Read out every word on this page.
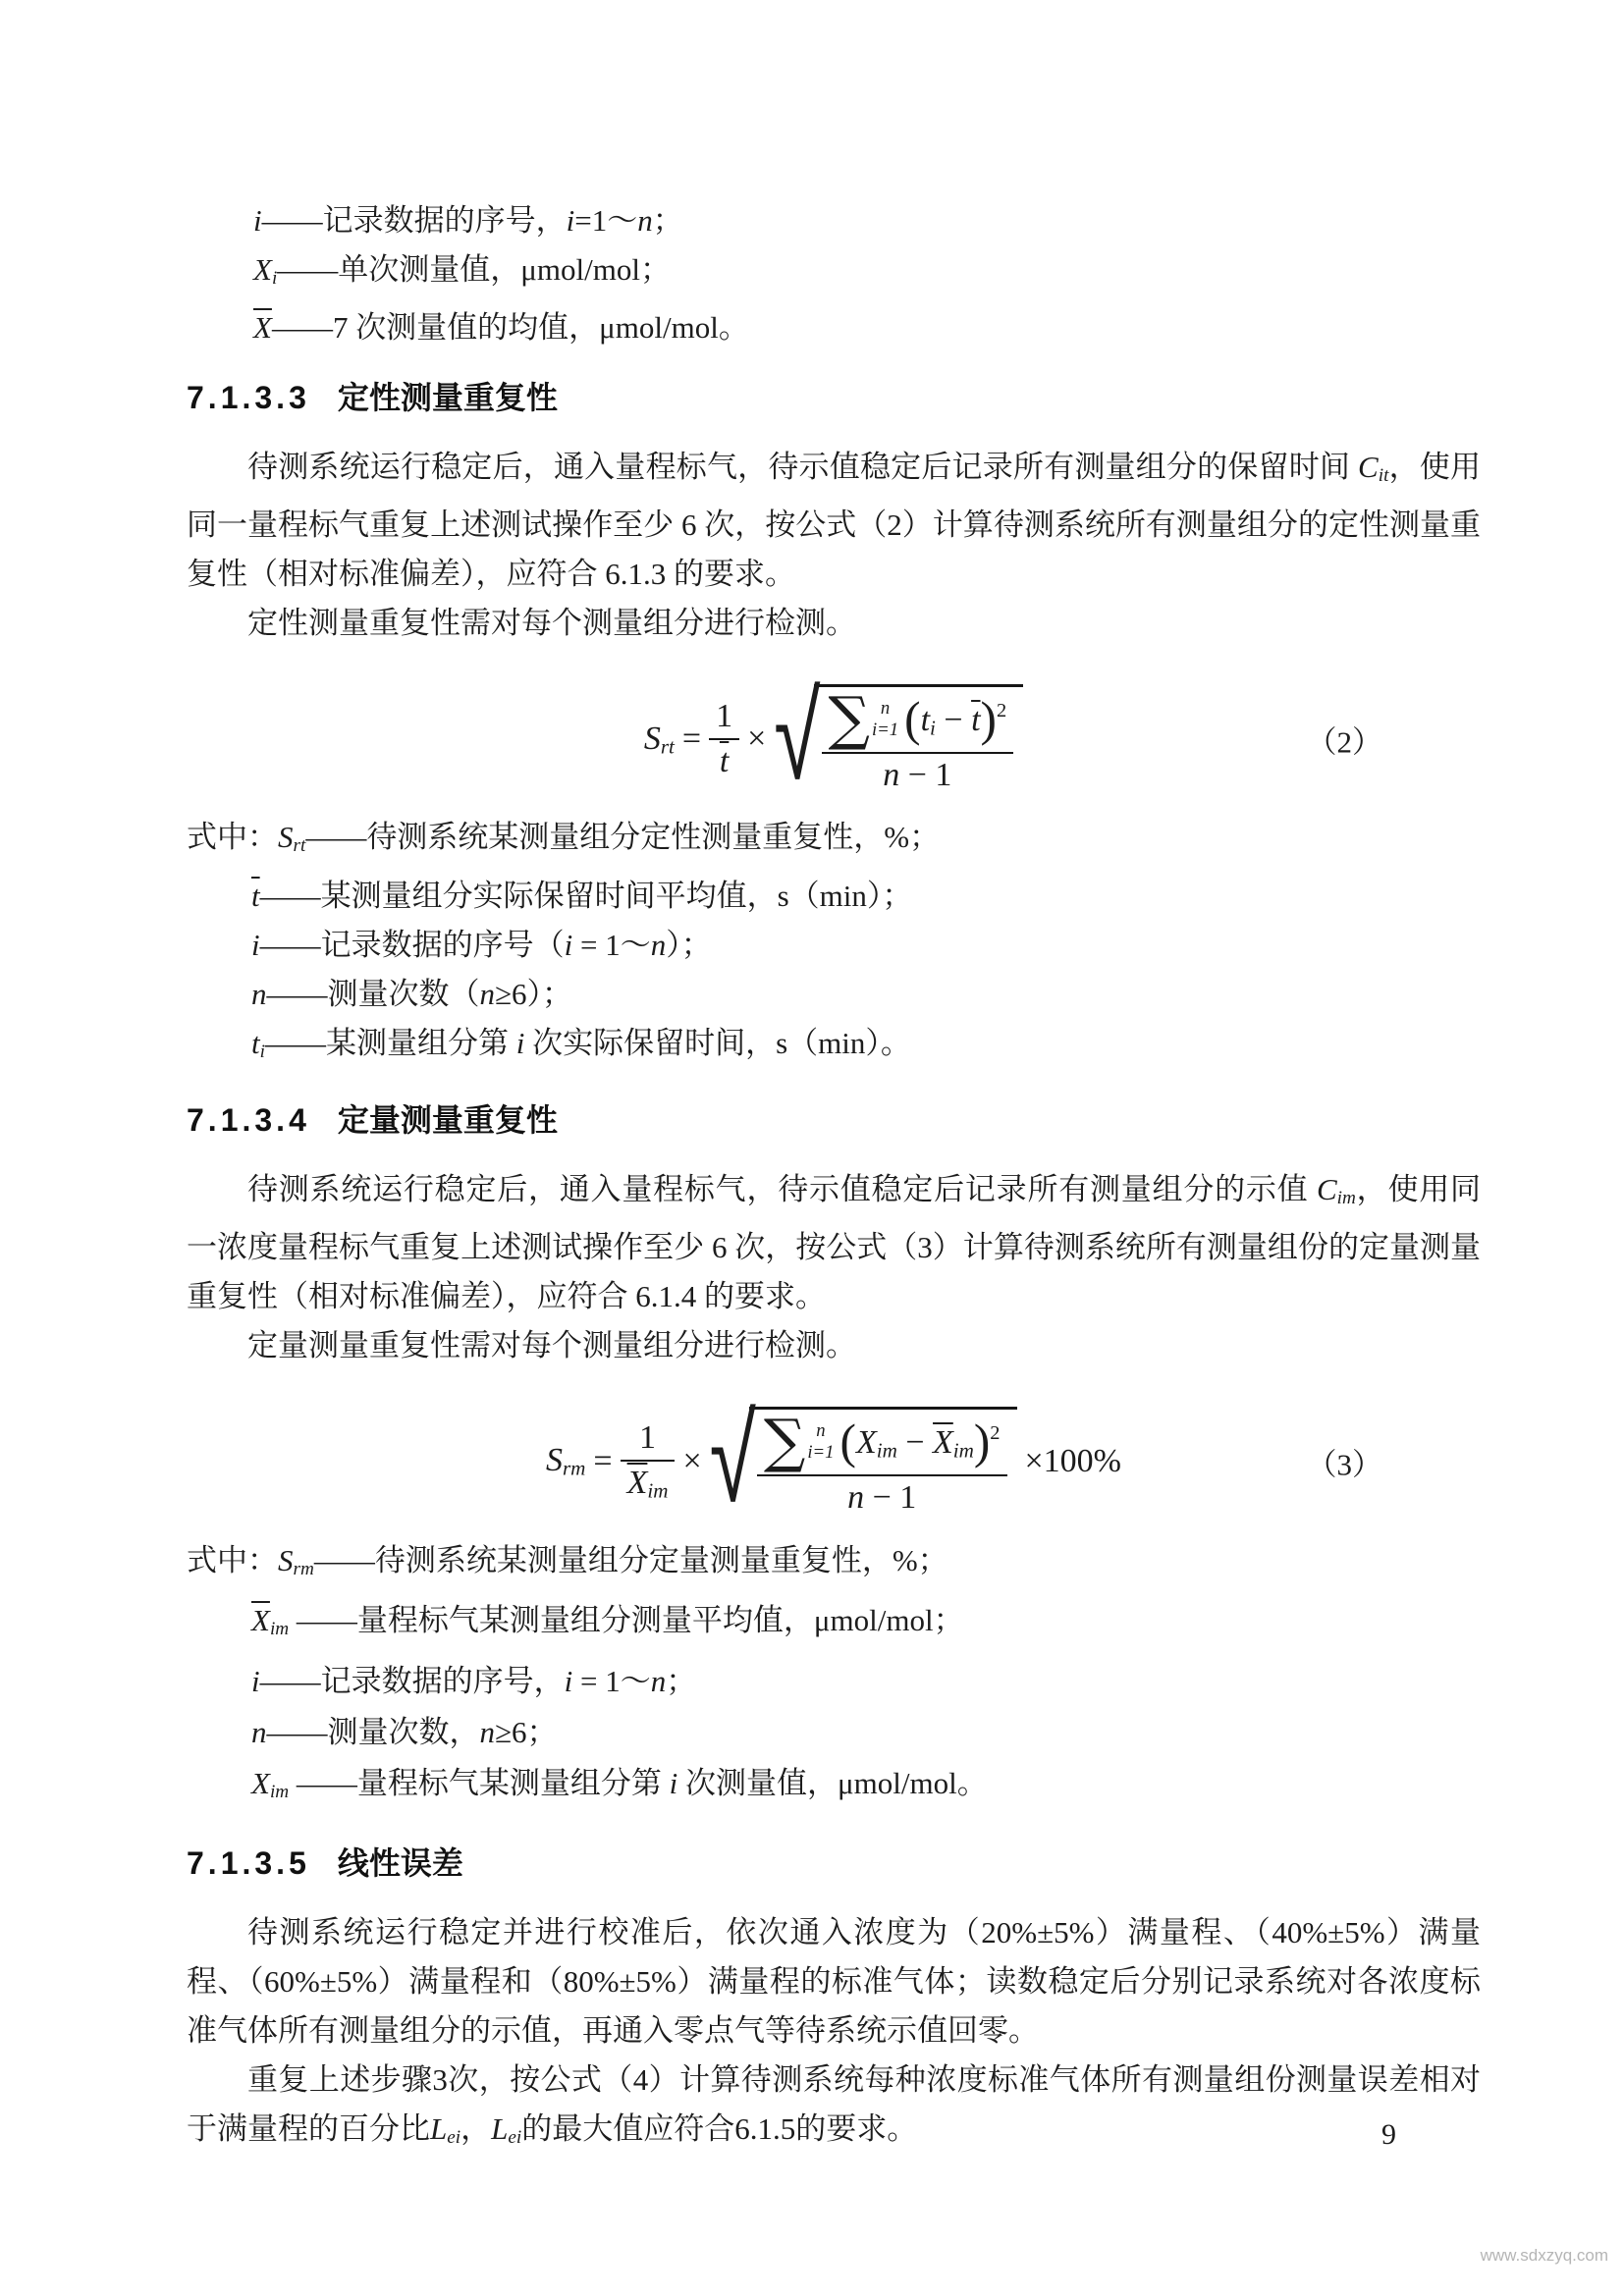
i——记录数据的序号，i=1～n；
Xi——单次测量值，μmol/mol；
$\overline{X}——7$ 次测量值的均值，μmol/mol。
7.1.3.3 定性测量重复性

待测系统运行稳定后，通入量程标气，待示值稳定后记录所有测量组分的保留时间 Cit，使用同一量程标气重复上述测试操作至少 6 次，按公式（2）计算待测系统所有测量组分的定性测量重复性（相对标准偏差），应符合 6.1.3 的要求。

定性测量重复性需对每个测量组分进行检测。

Srt = $\frac{1}{t}$ × √ ∑ n
i=1 $(ti - \overline{t})^2$
n − 1
（2）
式中：Srt——待测系统某测量组分定性测量重复性，%；
$\overline{t}——$某测量组分实际保留时间平均值，s（min）；
i——记录数据的序号（i = 1～n）；
n——测量次数（n≥6）；
ti——某测量组分第 i 次实际保留时间，s（min）。
7.1.3.4 定量测量重复性

待测系统运行稳定后，通入量程标气，待示值稳定后记录所有测量组分的示值 Cim，使用同一浓度量程标气重复上述测试操作至少 6 次，按公式（3）计算待测系统所有测量组份的定量测量重复性（相对标准偏差），应符合 6.1.4 的要求。

定量测量重复性需对每个测量组分进行检测。

Srm = $\frac{1}{\overline{X}im}$ × √ ∑ n
i=1 $(Xim - \overline{X}im)^2$
n − 1
×100%	（3）
式中：Srm——待测系统某测量组分定量测量重复性，%；
$\overline{X}im$ ——量程标气某测量组分测量平均值，μmol/mol；
i——记录数据的序号，i = 1～n；
n——测量次数，n≥6；
Xim ——量程标气某测量组分第 i 次测量值，μmol/mol。
7.1.3.5 线性误差

待测系统运行稳定并进行校准后，依次通入浓度为（20%±5%）满量程、（40%±5%）满量程、（60%±5%）满量程和（80%±5%）满量程的标准气体；读数稳定后分别记录系统对各浓度标准气体所有测量组分的示值，再通入零点气等待系统示值回零。

重复上述步骤3次，按公式（4）计算待测系统每种浓度标准气体所有测量组份测量误差相对于满量程的百分比Lei，Lei的最大值应符合6.1.5的要求。	9
www.sdxzyq.com
